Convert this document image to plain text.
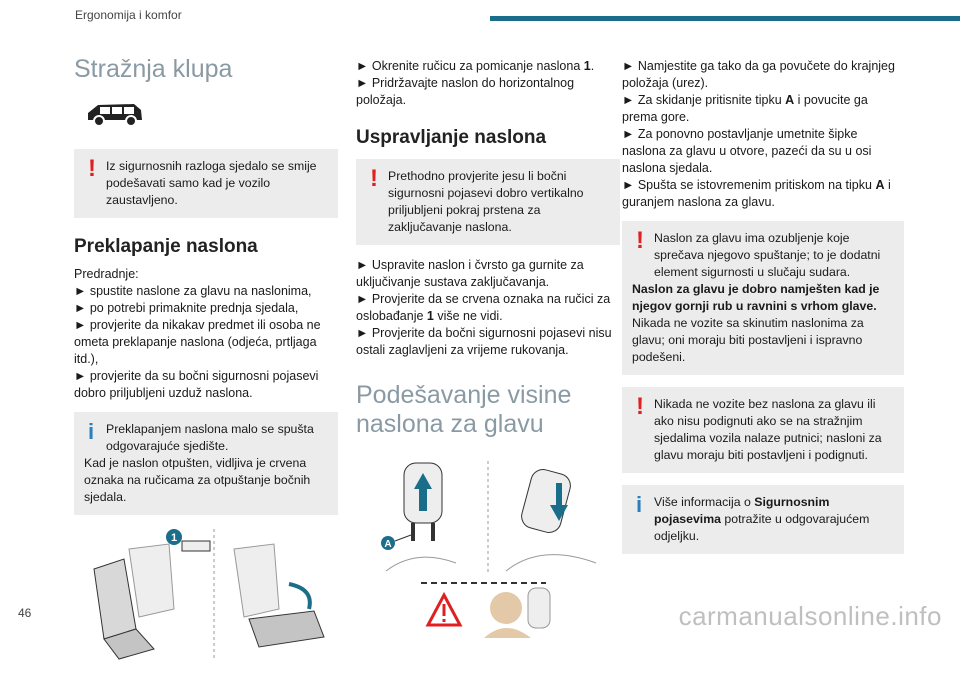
Ergonomija i komfor
Stražnja klupa
! Iz sigurnosnih razloga sjedalo se smije podešavati samo kad je vozilo zaustavljeno.

Preklapanje naslona

Predradnje:

► spustite naslone za glavu na naslonima,

► po potrebi primaknite prednja sjedala,

► provjerite da nikakav predmet ili osoba ne ometa preklapanje naslona (odjeća, prtljaga itd.),

► provjerite da su bočni sigurnosni pojasevi dobro priljubljeni uzduž naslona.

i Preklapanjem naslona malo se spušta odgovarajuće sjedište.

Kad je naslon otpušten, vidljiva je crvena oznaka na ručicama za otpuštanje bočnih sjedala.

1

► Okrenite ručicu za pomicanje naslona 1.

► Pridržavajte naslon do horizontalnog položaja.

Uspravljanje naslona
! Prethodno provjerite jesu li bočni sigurnosni pojasevi dobro vertikalno priljubljeni pokraj prstena za zaključavanje naslona.

► Uspravite naslon i čvrsto ga gurnite za uključivanje sustava zaključavanja.

► Provjerite da se crvena oznaka na ručici za oslobađanje 1 više ne vidi.

► Provjerite da bočni sigurnosni pojasevi nisu ostali zaglavljeni za vrijeme rukovanja.

Podešavanje visine naslona za glavu
A

► Namjestite ga tako da ga povučete do krajnjeg položaja (urez).

► Za skidanje pritisnite tipku A i povucite ga prema gore.

► Za ponovno postavljanje umetnite šipke naslona za glavu u otvore, pazeći da su u osi naslona sjedala.

► Spušta se istovremenim pritiskom na tipku A i guranjem naslona za glavu.

! Naslon za glavu ima ozubljenje koje sprečava njegovo spuštanje; to je dodatni element sigurnosti u slučaju sudara.

Naslon za glavu je dobro namješten kad je njegov gornji rub u ravnini s vrhom glave.

Nikada ne vozite sa skinutim naslonima za glavu; oni moraju biti postavljeni i ispravno podešeni.

! Nikada ne vozite bez naslona za glavu ili ako nisu podignuti ako se na stražnjim sjedalima vozila nalaze putnici; nasloni za glavu moraju biti postavljeni i podignuti.

i Više informacija o Sigurnosnim pojasevima potražite u odgovarajućem odjeljku.

46	carmanualsonline.info
